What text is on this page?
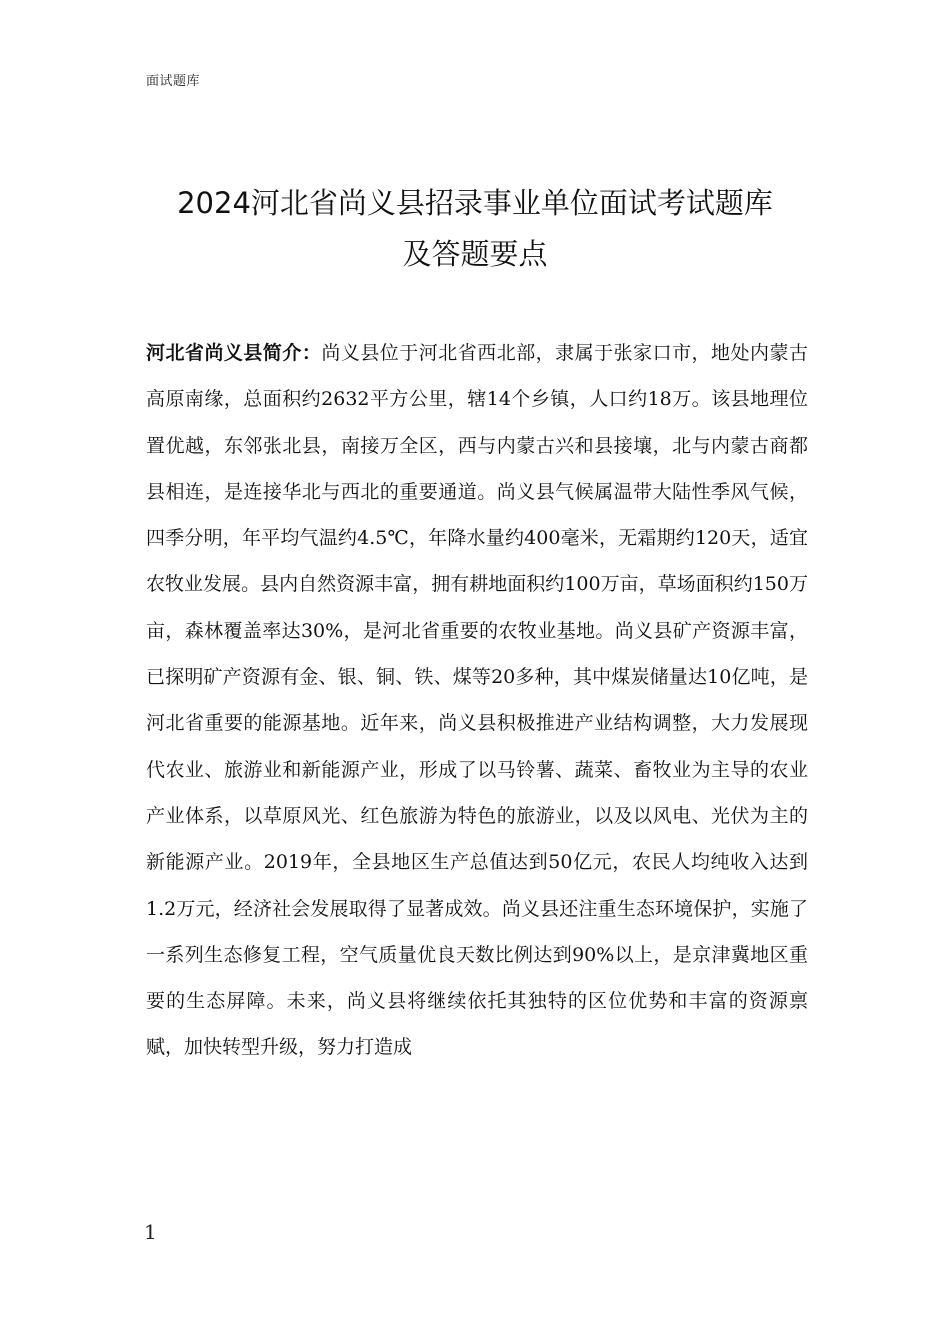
面试题库
2024河北省尚义县招录事业单位面试考试题库
及答题要点

河北省尚义县简介：尚义县位于河北省西北部，隶属于张家口市，地处内蒙古高原南缘，总面积约2632平方公里，辖14个乡镇，人口约18万。该县地理位置优越，东邻张北县，南接万全区，西与内蒙古兴和县接壤，北与内蒙古商都县相连，是连接华北与西北的重要通道。尚义县气候属温带大陆性季风气候，四季分明，年平均气温约4.5℃，年降水量约400毫米，无霜期约120天，适宜农牧业发展。县内自然资源丰富，拥有耕地面积约100万亩，草场面积约150万亩，森林覆盖率达30%，是河北省重要的农牧业基地。尚义县矿产资源丰富，已探明矿产资源有金、银、铜、铁、煤等20多种，其中煤炭储量达10亿吨，是河北省重要的能源基地。近年来，尚义县积极推进产业结构调整，大力发展现代农业、旅游业和新能源产业，形成了以马铃薯、蔬菜、畜牧业为主导的农业产业体系，以草原风光、红色旅游为特色的旅游业，以及以风电、光伏为主的新能源产业。2019年，全县地区生产总值达到50亿元，农民人均纯收入达到1.2万元，经济社会发展取得了显著成效。尚义县还注重生态环境保护，实施了一系列生态修复工程，空气质量优良天数比例达到90%以上，是京津冀地区重要的生态屏障。未来，尚义县将继续依托其独特的区位优势和丰富的资源禀赋，加快转型升级，努力打造成

1
